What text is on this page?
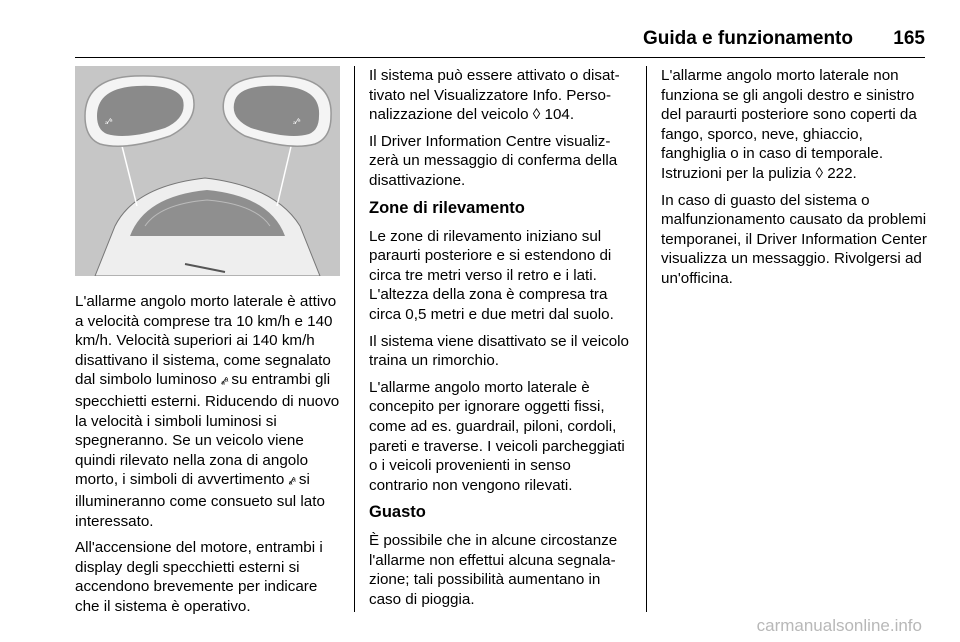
Guida e funzionamento 165
ₐ⁄ᵃ	ₐ⁄ᵃ

L'allarme angolo morto laterale è attivo a velocità comprese tra 10 km/h e 140 km/h. Velocità superiori ai 140 km/h disattivano il sistema, come segnalato dal simbolo luminoso ₐ⁄ᵃ su entrambi gli specchietti esterni. Riducendo di nuovo la velocità i simboli luminosi si spegneranno. Se un veicolo viene quindi rilevato nella zona di angolo morto, i simboli di avvertimento ₐ⁄ᵃ si illumineranno come consueto sul lato interessato.

All'accensione del motore, entrambi i display degli specchietti esterni si accendono brevemente per indicare che il sistema è operativo.

Il sistema può essere attivato o disattivato nel Visualizzatore Info. Personalizzazione del veicolo ◊ 104.

Il Driver Information Centre visualizzerà un messaggio di conferma della disattivazione.

Zone di rilevamento

Le zone di rilevamento iniziano sul paraurti posteriore e si estendono di circa tre metri verso il retro e i lati. L'altezza della zona è compresa tra circa 0,5 metri e due metri dal suolo.

Il sistema viene disattivato se il veicolo traina un rimorchio.

L'allarme angolo morto laterale è concepito per ignorare oggetti fissi, come ad es. guardrail, piloni, cordoli, pareti e traverse. I veicoli parcheggiati o i veicoli provenienti in senso contrario non vengono rilevati.

Guasto

È possibile che in alcune circostanze l'allarme non effettui alcuna segnalazione; tali possibilità aumentano in caso di pioggia.

L'allarme angolo morto laterale non funziona se gli angoli destro e sinistro del paraurti posteriore sono coperti da fango, sporco, neve, ghiaccio, fanghiglia o in caso di temporale. Istruzioni per la pulizia ◊ 222.

In caso di guasto del sistema o malfunzionamento causato da problemi temporanei, il Driver Information Center visualizza un messaggio. Rivolgersi ad un'officina.

carmanualsonline.info
